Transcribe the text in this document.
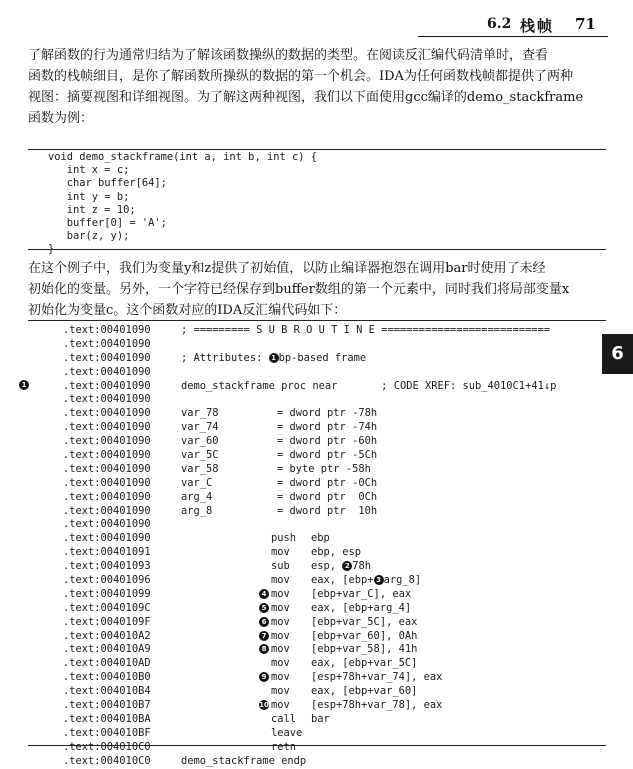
6.2 栈帧 71

了解函数的行为通常归结为了解该函数操纵的数据的类型。在阅读反汇编代码清单时，查看

函数的栈帧细目，是你了解函数所操纵的数据的第一个机会。IDA为任何函数栈帧都提供了两种

视图：摘要视图和详细视图。为了解这两种视图，我们以下面使用gcc编译的demo_stackframe

函数为例：

void demo_stackframe(int a, int b, int c) {
int x = c;
char buffer[64];
int y = b;
int z = 10;
buffer[0] = 'A';
bar(z, y);
}

在这个例子中，我们为变量y和z提供了初始值，以防止编译器抱怨在调用bar时使用了未经

初始化的变量。另外，一个字符已经保存到buffer数组的第一个元素中，同时我们将局部变量x

初始化为变量c。这个函数对应的IDA反汇编代码如下：

6
1
.text:00401090	; ========= S U B R O U T I N E ===========================
.text:00401090
.text:00401090	; Attributes: 1 bp-based frame
.text:00401090
.text:00401090	demo_stackframe proc near       ; CODE XREF: sub_4010C1+41↓p
.text:00401090
.text:00401090	var_78	= dword ptr -78h
.text:00401090	var_74	= dword ptr -74h
.text:00401090	var_60	= dword ptr -60h
.text:00401090	var_5C	= dword ptr -5Ch
.text:00401090	var_58	= byte ptr -58h
.text:00401090	var_C	= dword ptr -0Ch
.text:00401090	arg_4	= dword ptr  0Ch
.text:00401090	arg_8	= dword ptr  10h
.text:00401090
.text:00401090	push ebp
.text:00401091	mov ebp, esp
.text:00401093	sub esp, 2 78h
.text:00401096	mov eax, [ebp+ 3 arg_8]
.text:00401099	4 mov [ebp+var_C], eax
.text:0040109C	5 mov eax, [ebp+arg_4]
.text:0040109F	6 mov [ebp+var_5C], eax
.text:004010A2	7 mov [ebp+var_60], 0Ah
.text:004010A9	8 mov [ebp+var_58], 41h
.text:004010AD	mov eax, [ebp+var_5C]
.text:004010B0	9 mov [esp+78h+var_74], eax
.text:004010B4	mov eax, [ebp+var_60]
.text:004010B7	10 mov [esp+78h+var_78], eax
.text:004010BA	call bar
.text:004010BF	leave
.text:004010C0	retn
.text:004010C0	demo_stackframe endp
